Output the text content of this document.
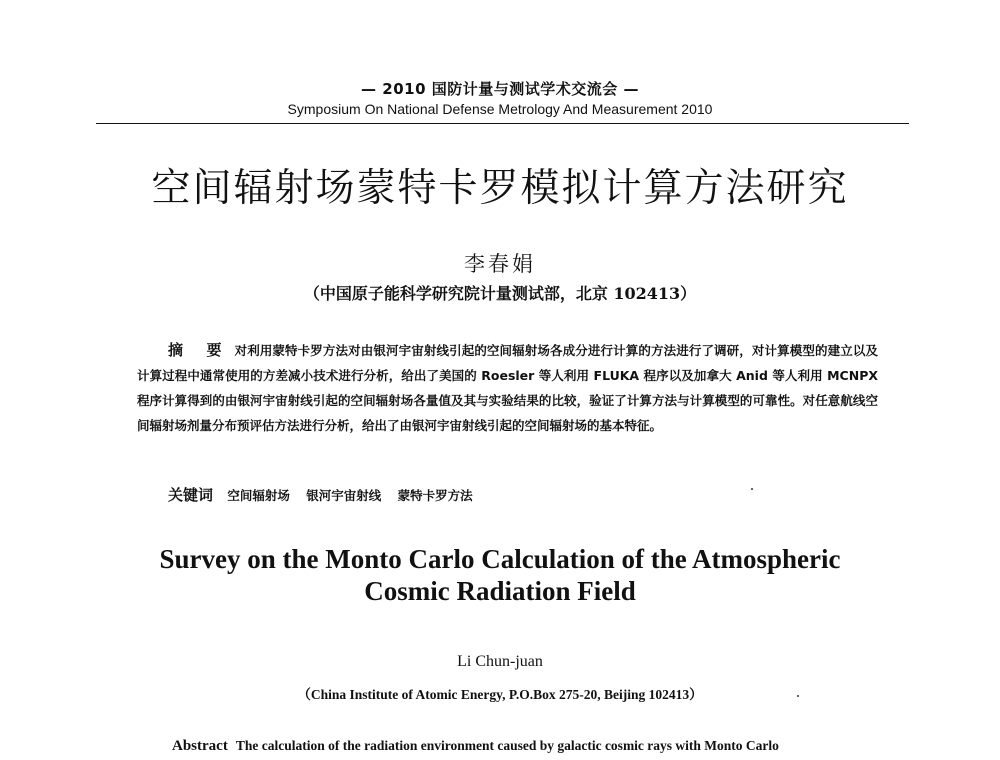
— 2010 国防计量与测试学术交流会 —
Symposium On National Defense Metrology And Measurement 2010
空间辐射场蒙特卡罗模拟计算方法研究
李春娟
（中国原子能科学研究院计量测试部，北京 102413）
摘 要 对利用蒙特卡罗方法对由银河宇宙射线引起的空间辐射场各成分进行计算的方法进行了调研，对计算模型的建立以及计算过程中通常使用的方差减小技术进行分析，给出了美国的 Roesler 等人利用 FLUKA 程序以及加拿大 Anid 等人利用 MCNPX 程序计算得到的由银河宇宙射线引起的空间辐射场各量值及其与实验结果的比较，验证了计算方法与计算模型的可靠性。对任意航线空间辐射场剂量分布预评估方法进行分析，给出了由银河宇宙射线引起的空间辐射场的基本特征。
关键词 空间辐射场 银河宇宙射线 蒙特卡罗方法
Survey on the Monto Carlo Calculation of the Atmospheric
Cosmic Radiation Field
Li Chun-juan
（China Institute of Atomic Energy, P.O.Box 275-20, Beijing 102413）
Abstract The calculation of the radiation environment caused by galactic cosmic rays with Monto Carlo
